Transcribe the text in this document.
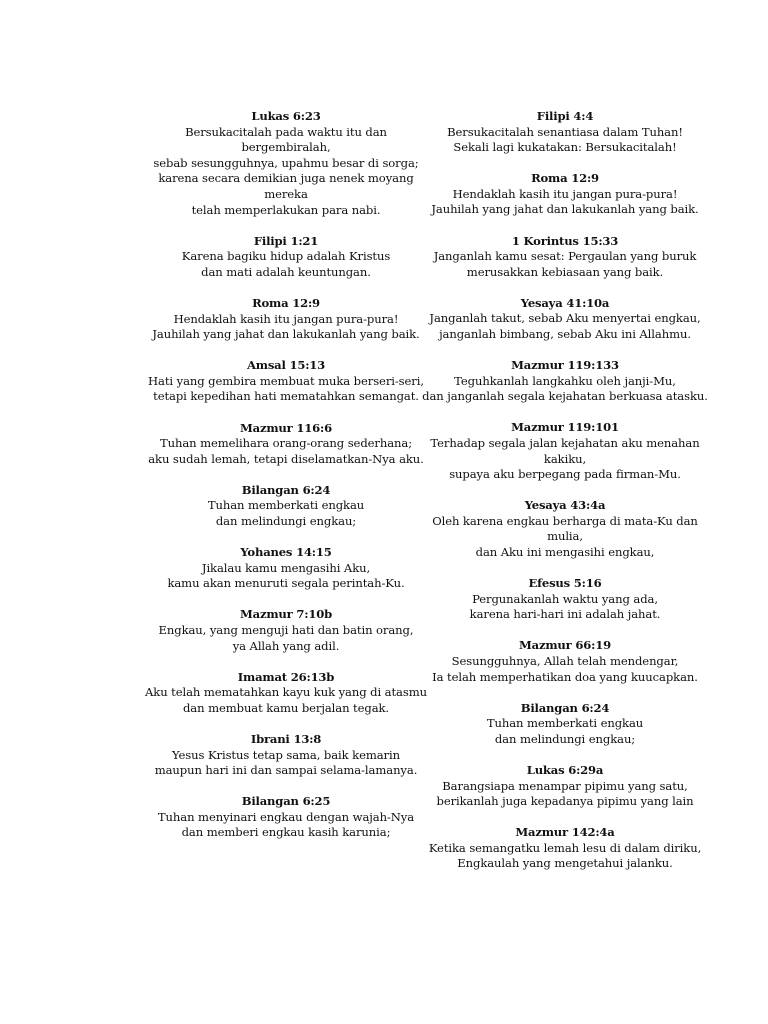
Lukas 6:23
Bersukacitalah pada waktu itu dan
bergembiralah,
sebab sesungguhnya, upahmu besar di sorga;
karena secara demikian juga nenek moyang
mereka
telah memperlakukan para nabi.
Filipi 1:21
Karena bagiku hidup adalah Kristus
dan mati adalah keuntungan.
Roma 12:9
Hendaklah kasih itu jangan pura-pura!
Jauhilah yang jahat dan lakukanlah yang baik.
Amsal 15:13
Hati yang gembira membuat muka berseri-seri,
tetapi kepedihan hati mematahkan semangat.
Mazmur 116:6
Tuhan memelihara orang-orang sederhana;
aku sudah lemah, tetapi diselamatkan-Nya aku.
Bilangan 6:24
Tuhan memberkati engkau
dan melindungi engkau;
Yohanes 14:15
Jikalau kamu mengasihi Aku,
kamu akan menuruti segala perintah-Ku.
Mazmur 7:10b
Engkau, yang menguji hati dan batin orang,
ya Allah yang adil.
Imamat 26:13b
Aku telah mematahkan kayu kuk yang di atasmu
dan membuat kamu berjalan tegak.
Ibrani 13:8
Yesus Kristus tetap sama, baik kemarin
maupun hari ini dan sampai selama-lamanya.
Bilangan 6:25
Tuhan menyinari engkau dengan wajah-Nya
dan memberi engkau kasih karunia;
Filipi 4:4
Bersukacitalah senantiasa dalam Tuhan!
Sekali lagi kukatakan: Bersukacitalah!
Roma 12:9
Hendaklah kasih itu jangan pura-pura!
Jauhilah yang jahat dan lakukanlah yang baik.
1 Korintus 15:33
Janganlah kamu sesat: Pergaulan yang buruk
merusakkan kebiasaan yang baik.
Yesaya 41:10a
Janganlah takut, sebab Aku menyertai engkau,
janganlah bimbang, sebab Aku ini Allahmu.
Mazmur 119:133
Teguhkanlah langkahku oleh janji-Mu,
dan janganlah segala kejahatan berkuasa atasku.
Mazmur 119:101
Terhadap segala jalan kejahatan aku menahan
kakiku,
supaya aku berpegang pada firman-Mu.
Yesaya 43:4a
Oleh karena engkau berharga di mata-Ku dan
mulia,
dan Aku ini mengasihi engkau,
Efesus 5:16
Pergunakanlah waktu yang ada,
karena hari-hari ini adalah jahat.
Mazmur 66:19
Sesungguhnya, Allah telah mendengar,
Ia telah memperhatikan doa yang kuucapkan.
Bilangan 6:24
Tuhan memberkati engkau
dan melindungi engkau;
Lukas 6:29a
Barangsiapa menampar pipimu yang satu,
berikanlah juga kepadanya pipimu yang lain
Mazmur 142:4a
Ketika semangatku lemah lesu di dalam diriku,
Engkaulah yang mengetahui jalanku.
